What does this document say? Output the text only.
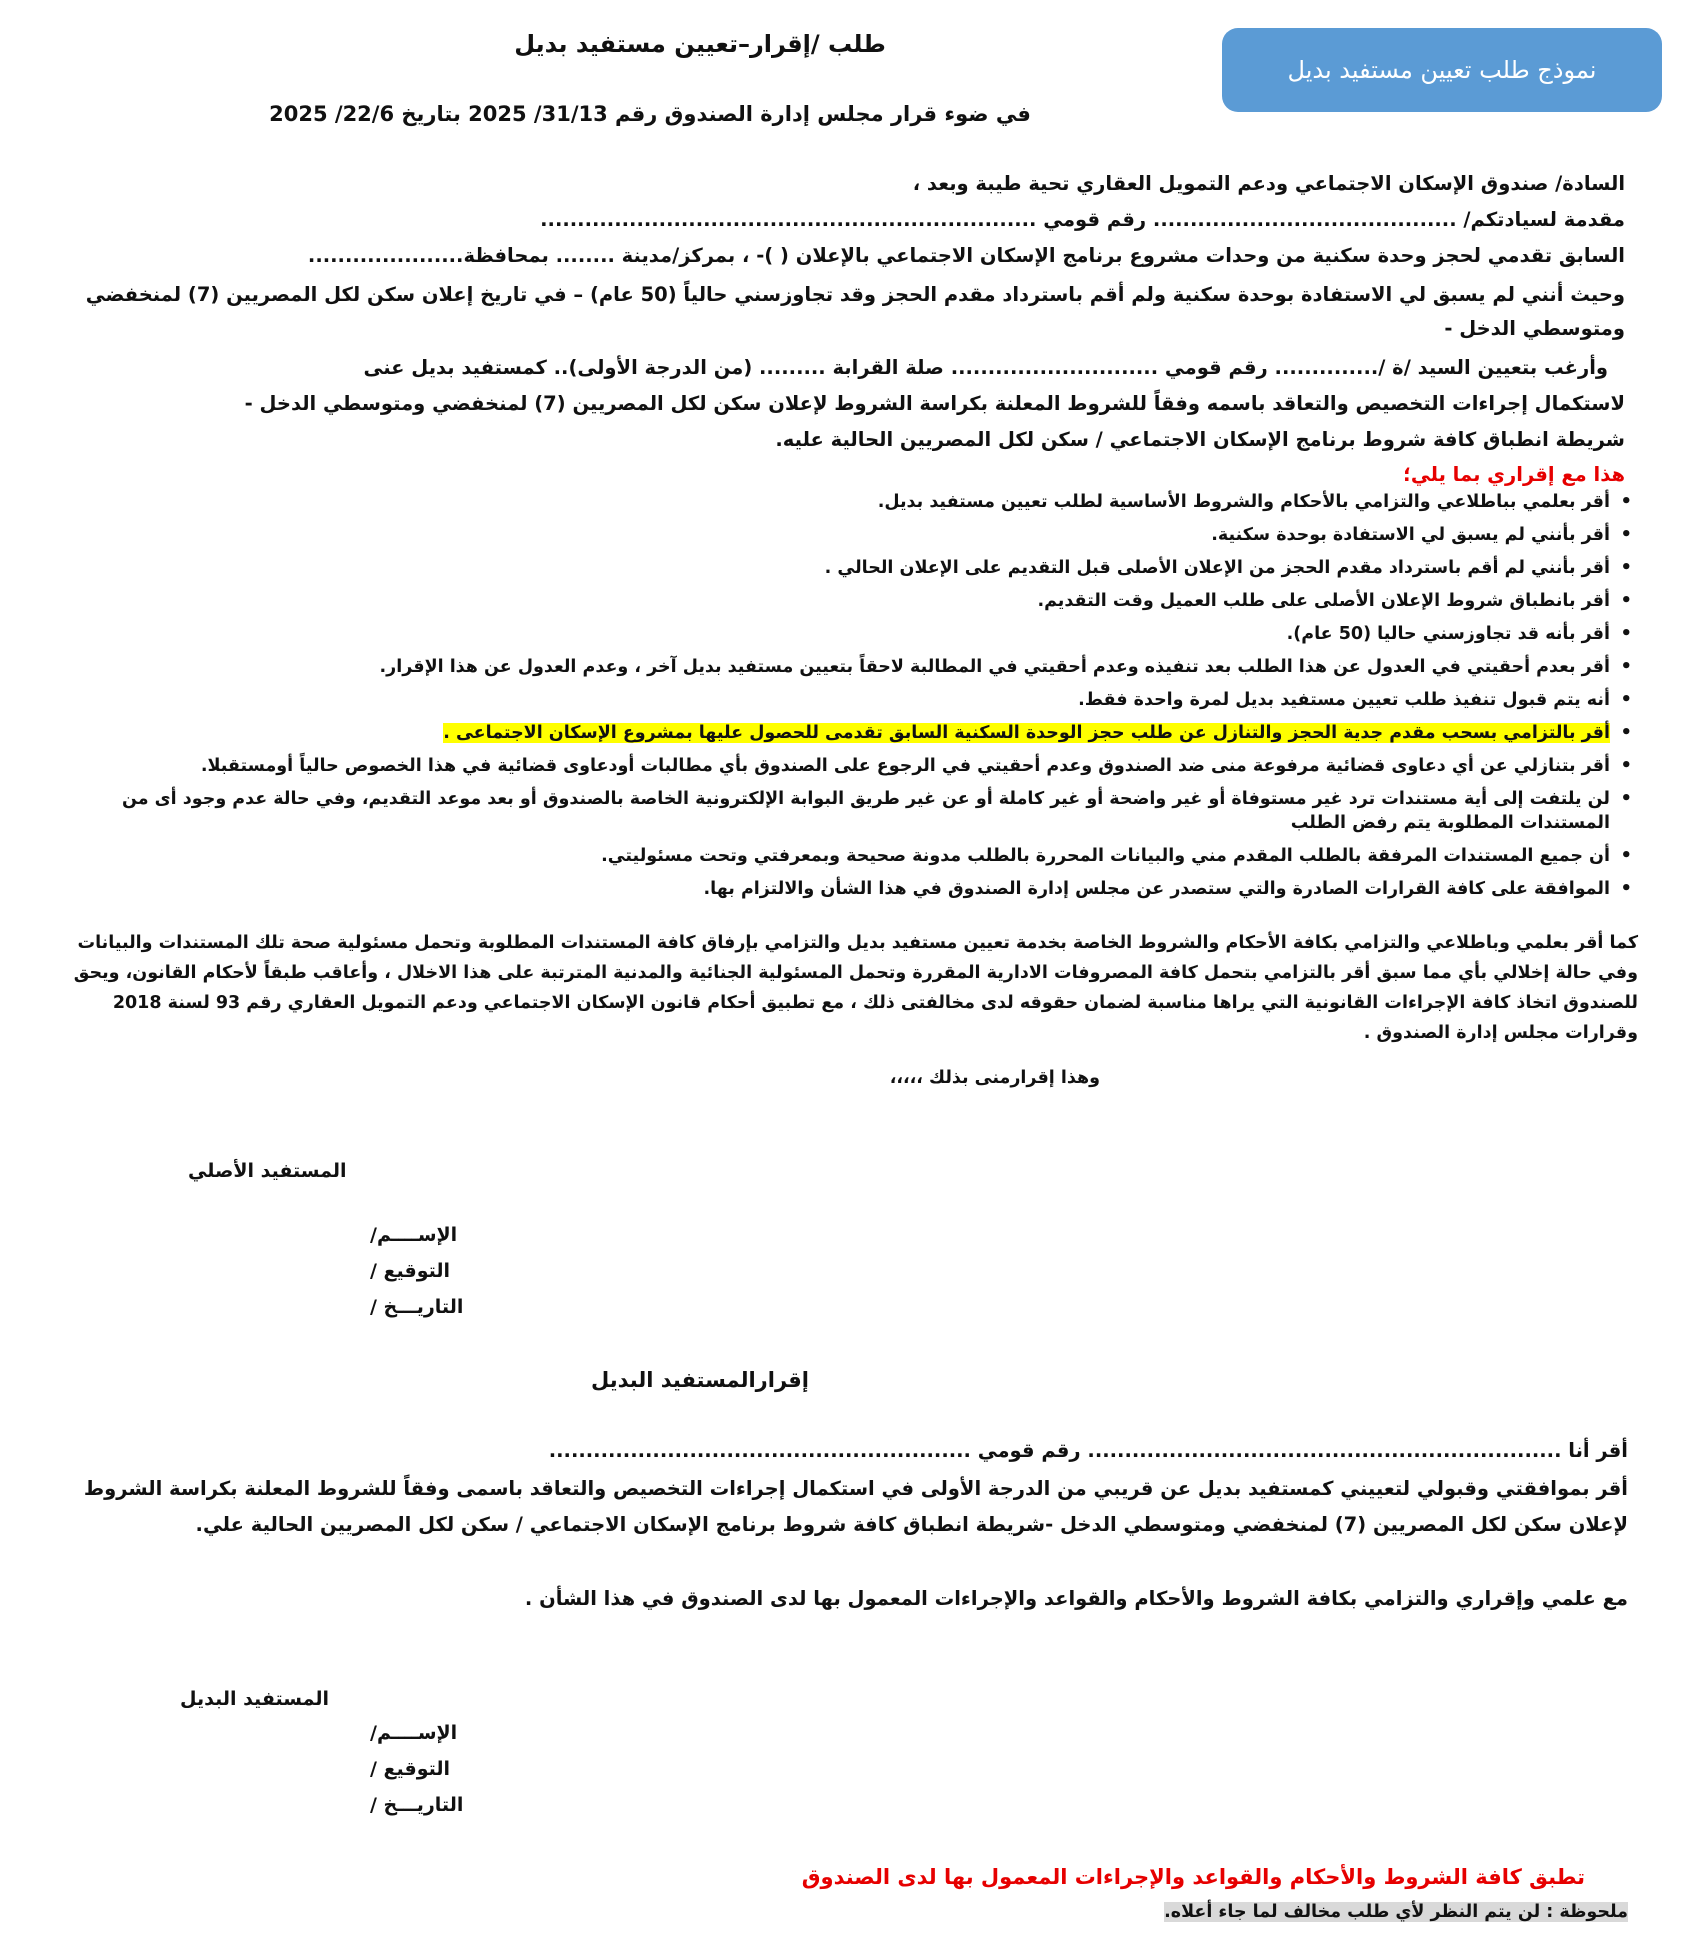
نموذج طلب تعيين مستفيد بديل
طلب /إقرار–تعيين مستفيد بديل
في ضوء قرار مجلس إدارة الصندوق رقم 31/13/ 2025 بتاريخ 22/6/ 2025
السادة/ صندوق الإسكان الاجتماعي ودعم التمويل العقاري تحية طيبة وبعد ،
مقدمة لسيادتكم/ ......................................... رقم قومي ...................................................................
السابق تقدمي لحجز وحدة سكنية من وحدات مشروع برنامج الإسكان الاجتماعي بالإعلان ( )- ، بمركز/مدينة ........ بمحافظة.....................
وحيث أنني لم يسبق لي الاستفادة بوحدة سكنية ولم أقم باسترداد مقدم الحجز وقد تجاوزسني حالياً (50 عام) – في تاريخ إعلان سكن لكل المصريين (7) لمنخفضي
ومتوسطي الدخل -
وأرغب بتعيين السيد /ة /.............. رقم قومي ............................ صلة القرابة ......... (من الدرجة الأولى).. كمستفيد بديل عنى
لاستكمال إجراءات التخصيص والتعاقد باسمه وفقاً للشروط المعلنة بكراسة الشروط لإعلان سكن لكل المصريين (7) لمنخفضي ومتوسطي الدخل -
شريطة انطباق كافة شروط برنامج الإسكان الاجتماعي / سكن لكل المصريين الحالية عليه.
هذا مع إقراري بما يلي؛
• أقر بعلمي بباطلاعي والتزامي بالأحكام والشروط الأساسية لطلب تعيين مستفيد بديل.
• أقر بأنني لم يسبق لي الاستفادة بوحدة سكنية.
• أقر بأنني لم أقم باسترداد مقدم الحجز من الإعلان الأصلى قبل التقديم على الإعلان الحالي .
• أقر بانطباق شروط الإعلان الأصلى على طلب العميل وقت التقديم.
• أقر بأنه قد تجاوزسني حاليا (50 عام).
• أقر بعدم أحقيتي في العدول عن هذا الطلب بعد تنفيذه وعدم أحقيتي في المطالبة لاحقاً بتعيين مستفيد بديل آخر ، وعدم العدول عن هذا الإقرار.
• أنه يتم قبول تنفيذ طلب تعيين مستفيد بديل لمرة واحدة فقط.
• أقر بالتزامي بسحب مقدم جدية الحجز والتنازل عن طلب حجز الوحدة السكنية السابق تقدمى للحصول عليها بمشروع الإسكان الاجتماعى .
• أقر بتنازلي عن أي دعاوى قضائية مرفوعة منى ضد الصندوق وعدم أحقيتي في الرجوع على الصندوق بأي مطالبات أودعاوى قضائية في هذا الخصوص حالياً أومستقبلا.
• لن يلتفت إلى أية مستندات ترد غير مستوفاة أو غير واضحة أو غير كاملة أو عن غير طريق البوابة الإلكترونية الخاصة بالصندوق أو بعد موعد التقديم، وفي حالة عدم وجود أى من المستندات المطلوبة يتم رفض الطلب
• أن جميع المستندات المرفقة بالطلب المقدم مني والبيانات المحررة بالطلب مدونة صحيحة وبمعرفتي وتحت مسئوليتي.
• الموافقة على كافة القرارات الصادرة والتي ستصدر عن مجلس إدارة الصندوق في هذا الشأن والالتزام بها.
كما أقر بعلمي وباطلاعي والتزامي بكافة الأحكام والشروط الخاصة بخدمة تعيين مستفيد بديل والتزامي بإرفاق كافة المستندات المطلوبة وتحمل مسئولية صحة تلك المستندات والبيانات وفي حالة إخلالي بأي مما سبق أقر بالتزامي بتحمل كافة المصروفات الادارية المقررة وتحمل المسئولية الجنائية والمدنية المترتبة على هذا الاخلال ، وأعاقب طبقاً لأحكام القانون، ويحق للصندوق اتخاذ كافة الإجراءات القانونية التي يراها مناسبة لضمان حقوقه لدى مخالفتى ذلك ، مع تطبيق أحكام قانون الإسكان الاجتماعي ودعم التمويل العقاري رقم 93 لسنة 2018 وقرارات مجلس إدارة الصندوق .
وهذا إقرارمنى بذلك ،،،،،
المستفيد الأصلي
الإســــم/
التوقيع /
التاريـــخ /
إقرارالمستفيد البديل
أقر أنا ................................................................ رقم قومي .........................................................
أقر بموافقتي وقبولي لتعييني كمستفيد بديل عن قريبي من الدرجة الأولى في استكمال إجراءات التخصيص والتعاقد باسمى وفقاً للشروط المعلنة بكراسة الشروط
لإعلان سكن لكل المصريين (7) لمنخفضي ومتوسطي الدخل -شريطة انطباق كافة شروط برنامج الإسكان الاجتماعي / سكن لكل المصريين الحالية علي.
مع علمي وإقراري والتزامي بكافة الشروط والأحكام والقواعد والإجراءات المعمول بها لدى الصندوق في هذا الشأن .
المستفيد البديل
الإســــم/
التوقيع /
التاريـــخ /
تطبق كافة الشروط والأحكام والقواعد والإجراءات المعمول بها لدى الصندوق
ملحوظة : لن يتم النظر لأي طلب مخالف لما جاء أعلاه.
